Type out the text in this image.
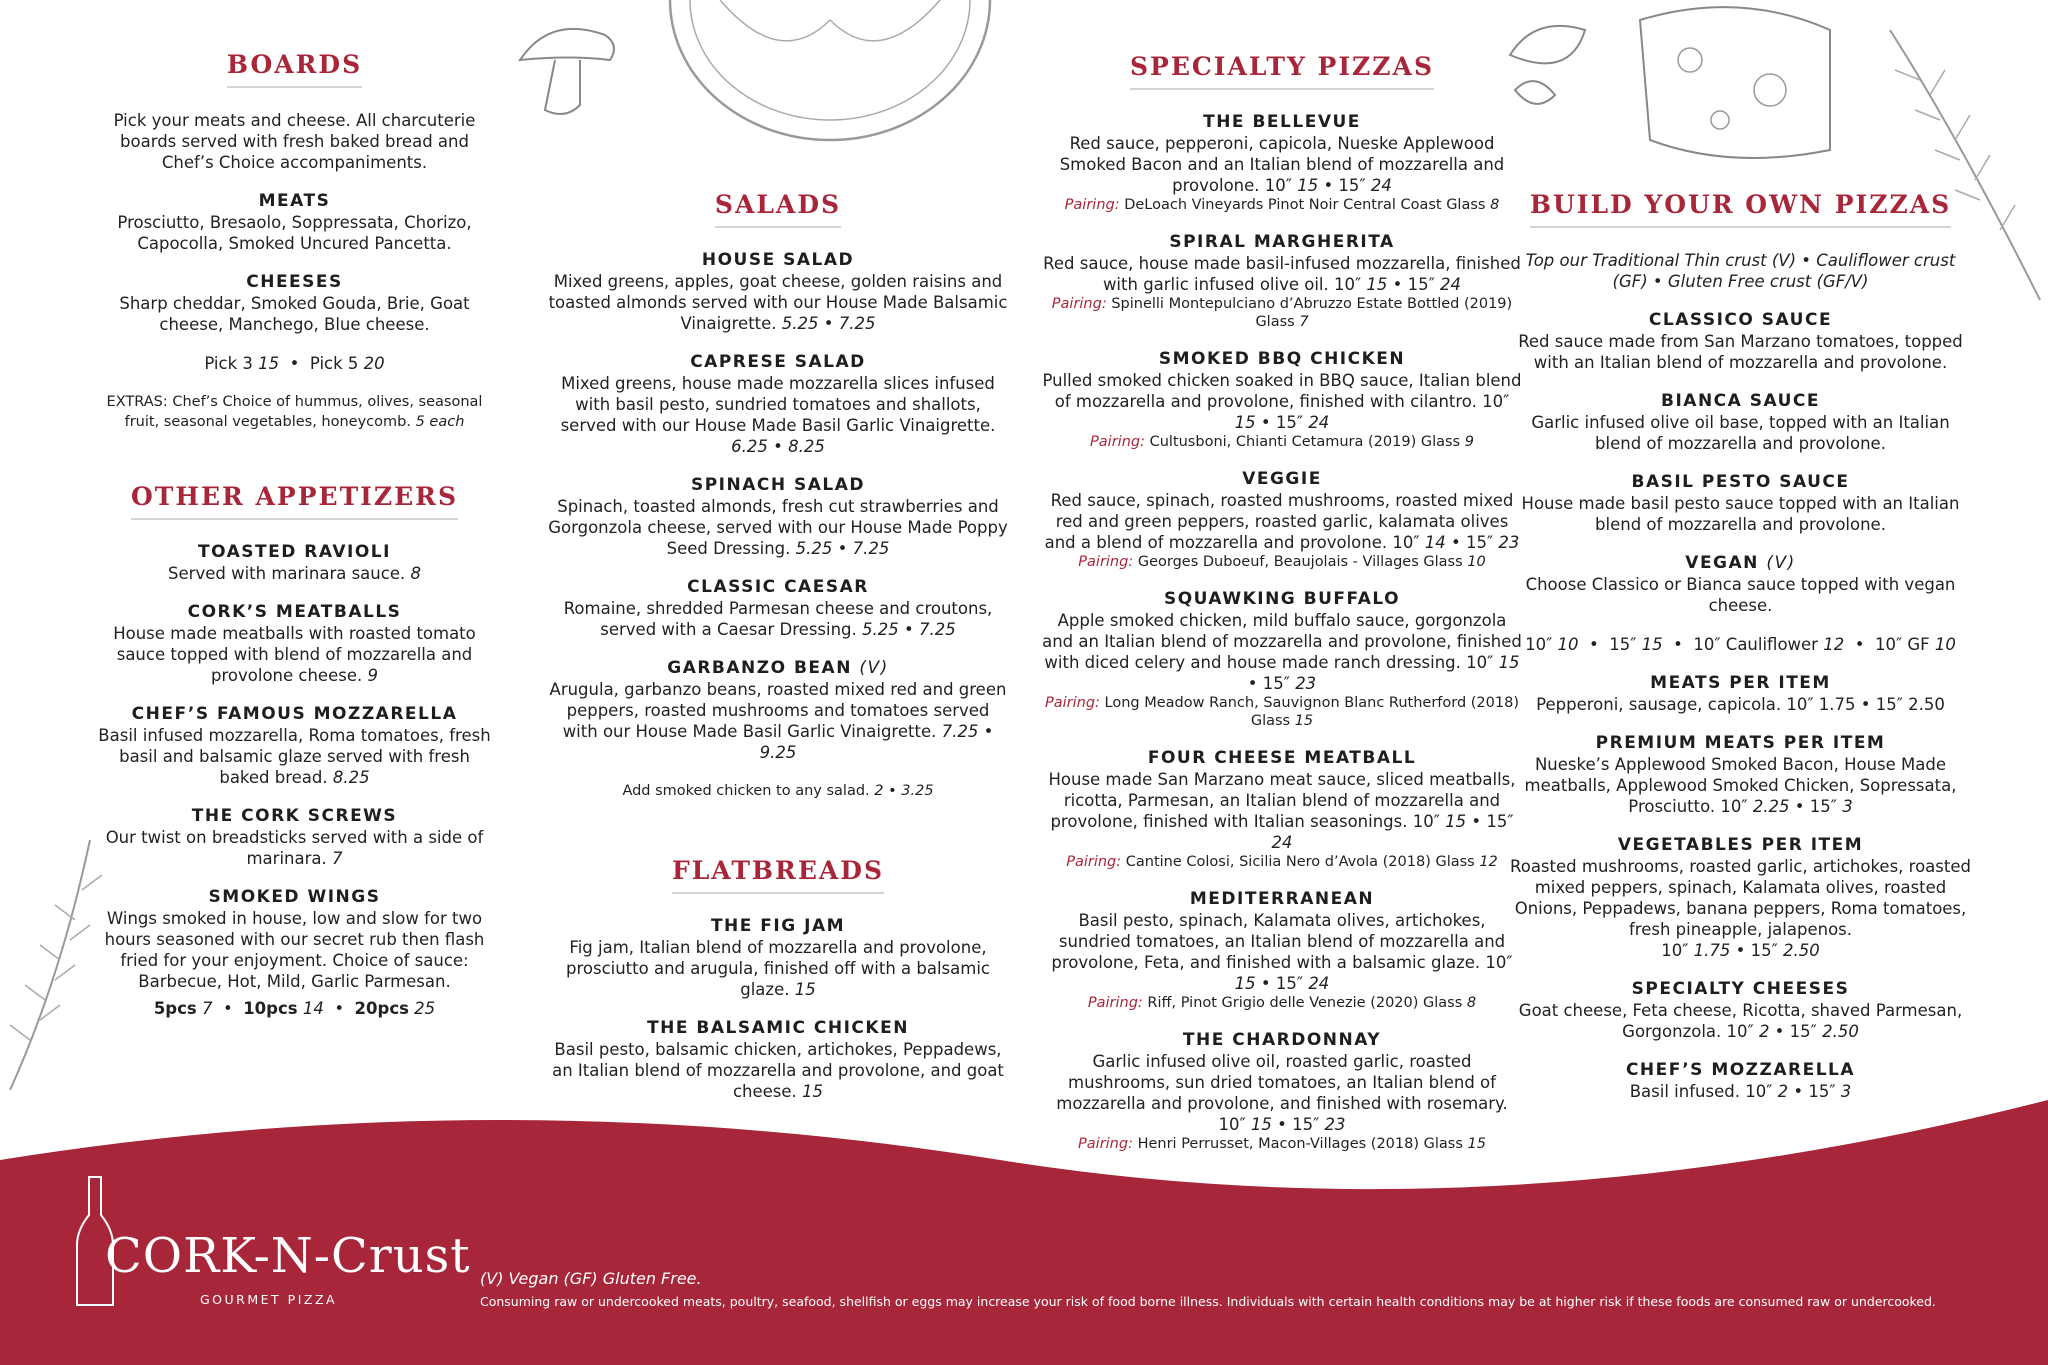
BOARDS
Pick your meats and cheese. All charcuterie boards served with fresh baked bread and Chef’s Choice accompaniments.
MEATS
Prosciutto, Bresaolo, Soppressata, Chorizo, Capocolla, Smoked Uncured Pancetta.
CHEESES
Sharp cheddar, Smoked Gouda, Brie, Goat cheese, Manchego, Blue cheese.
Pick 3 15  •  Pick 5 20
EXTRAS: Chef’s Choice of hummus, olives, seasonal fruit, seasonal vegetables, honeycomb. 5 each
OTHER APPETIZERS
TOASTED RAVIOLI
Served with marinara sauce. 8
CORK’S MEATBALLS
House made meatballs with roasted tomato sauce topped with blend of mozzarella and provolone cheese. 9
CHEF’S FAMOUS MOZZARELLA
Basil infused mozzarella, Roma tomatoes, fresh basil and balsamic glaze served with fresh baked bread. 8.25
THE CORK SCREWS
Our twist on breadsticks served with a side of marinara. 7
SMOKED WINGS
Wings smoked in house, low and slow for two hours seasoned with our secret rub then flash fried for your enjoyment. Choice of sauce: Barbecue, Hot, Mild, Garlic Parmesan.
5pcs 7  •  10pcs 14  •  20pcs 25
SALADS
HOUSE SALAD
Mixed greens, apples, goat cheese, golden raisins and toasted almonds served with our House Made Balsamic Vinaigrette. 5.25 • 7.25
CAPRESE SALAD
Mixed greens, house made mozzarella slices infused with basil pesto, sundried tomatoes and shallots, served with our House Made Basil Garlic Vinaigrette. 6.25 • 8.25
SPINACH SALAD
Spinach, toasted almonds, fresh cut strawberries and Gorgonzola cheese, served with our House Made Poppy Seed Dressing. 5.25 • 7.25
CLASSIC CAESAR
Romaine, shredded Parmesan cheese and croutons, served with a Caesar Dressing. 5.25 • 7.25
GARBANZO BEAN (V)
Arugula, garbanzo beans, roasted mixed red and green peppers, roasted mushrooms and tomatoes served with our House Made Basil Garlic Vinaigrette. 7.25 • 9.25
Add smoked chicken to any salad. 2 • 3.25
FLATBREADS
THE FIG JAM
Fig jam, Italian blend of mozzarella and provolone, prosciutto and arugula, finished off with a balsamic glaze. 15
THE BALSAMIC CHICKEN
Basil pesto, balsamic chicken, artichokes, Peppadews, an Italian blend of mozzarella and provolone, and goat cheese. 15
SPECIALTY PIZZAS
THE BELLEVUE
Red sauce, pepperoni, capicola, Nueske Applewood Smoked Bacon and an Italian blend of mozzarella and provolone. 10″ 15 • 15″ 24
Pairing: DeLoach Vineyards Pinot Noir Central Coast Glass 8
SPIRAL MARGHERITA
Red sauce, house made basil-infused mozzarella, finished with garlic infused olive oil. 10″ 15 • 15″ 24
Pairing: Spinelli Montepulciano d’Abruzzo Estate Bottled (2019) Glass 7
SMOKED BBQ CHICKEN
Pulled smoked chicken soaked in BBQ sauce, Italian blend of mozzarella and provolone, finished with cilantro. 10″ 15 • 15″ 24
Pairing: Cultusboni, Chianti Cetamura (2019) Glass 9
VEGGIE
Red sauce, spinach, roasted mushrooms, roasted mixed red and green peppers, roasted garlic, kalamata olives and a blend of mozzarella and provolone. 10″ 14 • 15″ 23
Pairing: Georges Duboeuf, Beaujolais - Villages Glass 10
SQUAWKING BUFFALO
Apple smoked chicken, mild buffalo sauce, gorgonzola and an Italian blend of mozzarella and provolone, finished with diced celery and house made ranch dressing. 10″ 15 • 15″ 23
Pairing: Long Meadow Ranch, Sauvignon Blanc Rutherford (2018) Glass 15
FOUR CHEESE MEATBALL
House made San Marzano meat sauce, sliced meatballs, ricotta, Parmesan, an Italian blend of mozzarella and provolone, finished with Italian seasonings. 10″ 15 • 15″ 24
Pairing: Cantine Colosi, Sicilia Nero d’Avola (2018) Glass 12
MEDITERRANEAN
Basil pesto, spinach, Kalamata olives, artichokes, sundried tomatoes, an Italian blend of mozzarella and provolone, Feta, and finished with a balsamic glaze. 10″ 15 • 15″ 24
Pairing: Riff, Pinot Grigio delle Venezie (2020) Glass 8
THE CHARDONNAY
Garlic infused olive oil, roasted garlic, roasted mushrooms, sun dried tomatoes, an Italian blend of mozzarella and provolone, and finished with rosemary. 10″ 15 • 15″ 23
Pairing: Henri Perrusset, Macon-Villages (2018) Glass 15
BUILD YOUR OWN PIZZAS
Top our Traditional Thin crust (V) • Cauliflower crust (GF) • Gluten Free crust (GF/V)
CLASSICO SAUCE
Red sauce made from San Marzano tomatoes, topped with an Italian blend of mozzarella and provolone.
BIANCA SAUCE
Garlic infused olive oil base, topped with an Italian blend of mozzarella and provolone.
BASIL PESTO SAUCE
House made basil pesto sauce topped with an Italian blend of mozzarella and provolone.
VEGAN (V)
Choose Classico or Bianca sauce topped with vegan cheese.
10″ 10  •  15″ 15  •  10″ Cauliflower 12  •  10″ GF 10
MEATS PER ITEM
Pepperoni, sausage, capicola. 10″ 1.75 • 15″ 2.50
PREMIUM MEATS PER ITEM
Nueske’s Applewood Smoked Bacon, House Made meatballs, Applewood Smoked Chicken, Sopressata, Prosciutto. 10″ 2.25 • 15″ 3
VEGETABLES PER ITEM
Roasted mushrooms, roasted garlic, artichokes, roasted mixed peppers, spinach, Kalamata olives, roasted Onions, Peppadews, banana peppers, Roma tomatoes, fresh pineapple, jalapenos.
10″ 1.75 • 15″ 2.50
SPECIALTY CHEESES
Goat cheese, Feta cheese, Ricotta, shaved Parmesan, Gorgonzola. 10″ 2 • 15″ 2.50
CHEF’S MOZZARELLA
Basil infused. 10″ 2 • 15″ 3
CORK-N-Crust
GOURMET PIZZA
(V) Vegan (GF) Gluten Free.
Consuming raw or undercooked meats, poultry, seafood, shellfish or eggs may increase your risk of food borne illness. Individuals with certain health conditions may be at higher risk if these foods are consumed raw or undercooked.
